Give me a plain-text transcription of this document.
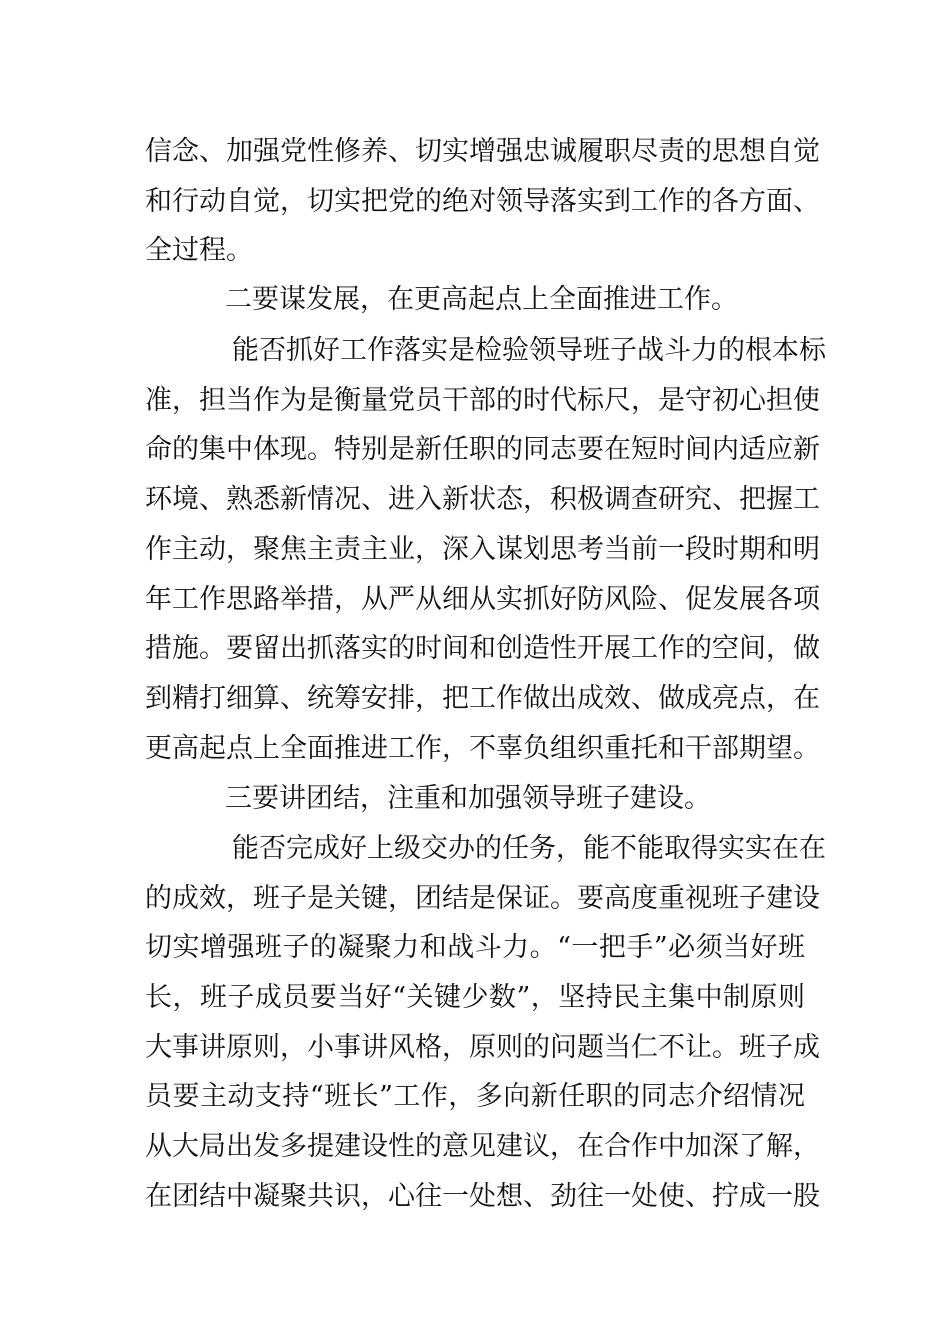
信念、加强党性修养、切实增强忠诚履职尽责的思想自觉
和行动自觉，切实把党的绝对领导落实到工作的各方面、
全过程。
二要谋发展，在更高起点上全面推进工作。
能否抓好工作落实是检验领导班子战斗力的根本标
准，担当作为是衡量党员干部的时代标尺，是守初心担使
命的集中体现。特别是新任职的同志要在短时间内适应新
环境、熟悉新情况、进入新状态，积极调查研究、把握工
作主动，聚焦主责主业，深入谋划思考当前一段时期和明
年工作思路举措，从严从细从实抓好防风险、促发展各项
措施。要留出抓落实的时间和创造性开展工作的空间，做
到精打细算、统筹安排，把工作做出成效、做成亮点，在
更高起点上全面推进工作，不辜负组织重托和干部期望。
三要讲团结，注重和加强领导班子建设。
能否完成好上级交办的任务，能不能取得实实在在
的成效，班子是关键，团结是保证。要高度重视班子建设
切实增强班子的凝聚力和战斗力。“一把手”必须当好班
长，班子成员要当好“关键少数”，坚持民主集中制原则
大事讲原则，小事讲风格，原则的问题当仁不让。班子成
员要主动支持“班长”工作，多向新任职的同志介绍情况
从大局出发多提建设性的意见建议，在合作中加深了解，
在团结中凝聚共识，心往一处想、劲往一处使、拧成一股
